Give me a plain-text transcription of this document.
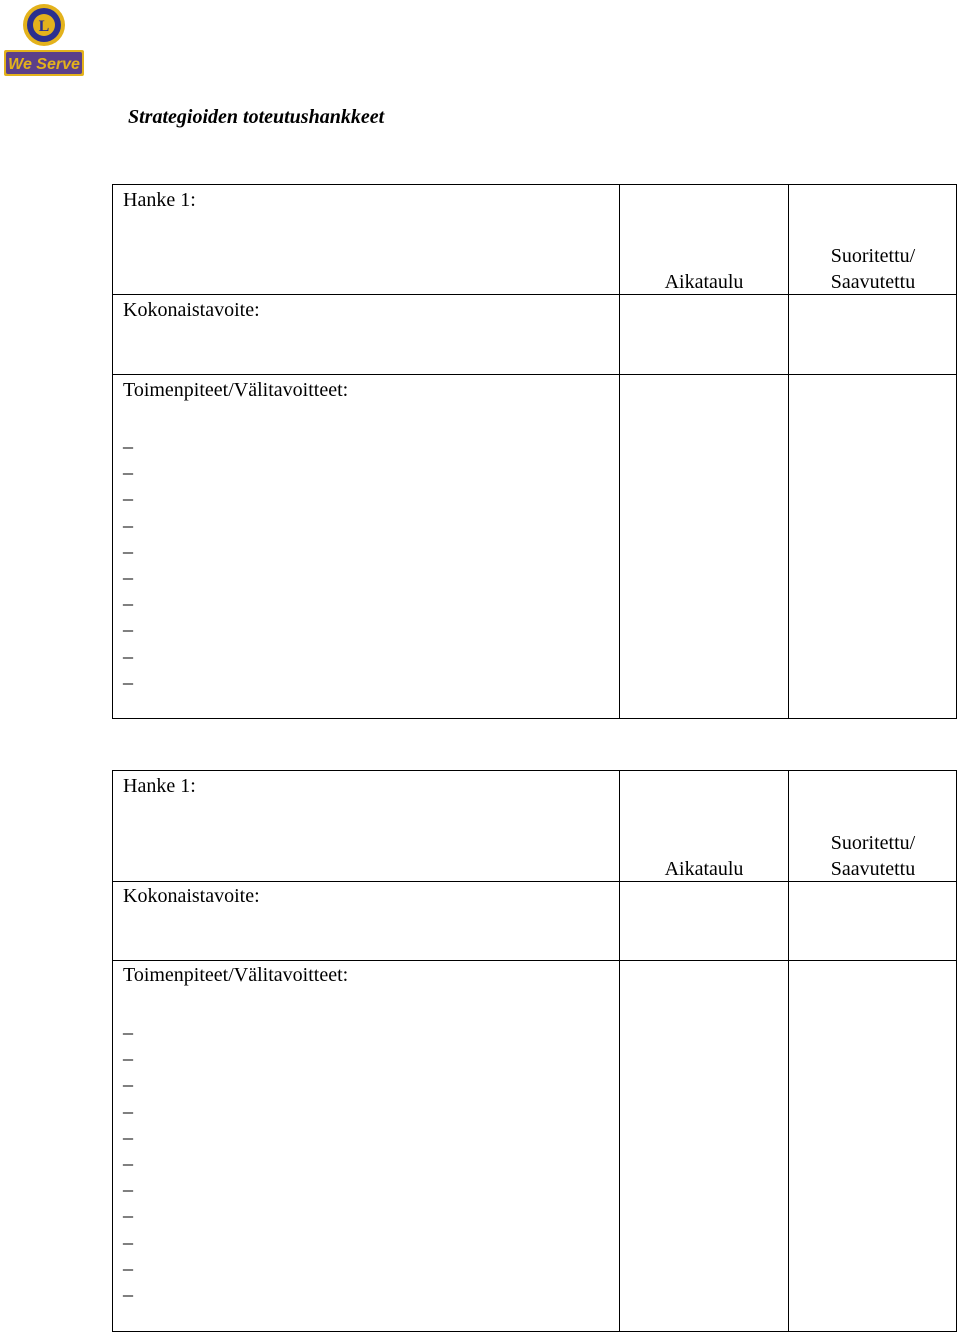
L
We Serve
Strategioiden toteutushankkeet
Hanke 1:
Kokonaistavoite:
Aikataulu
Suoritettu/
Saavutettu
Toimenpiteet/Välitavoitteet:
_
_
_
_
_
_
_
_
_
_
Hanke 1:
Kokonaistavoite:
Aikataulu
Suoritettu/
Saavutettu
Toimenpiteet/Välitavoitteet:
_
_
_
_
_
_
_
_
_
_
_
